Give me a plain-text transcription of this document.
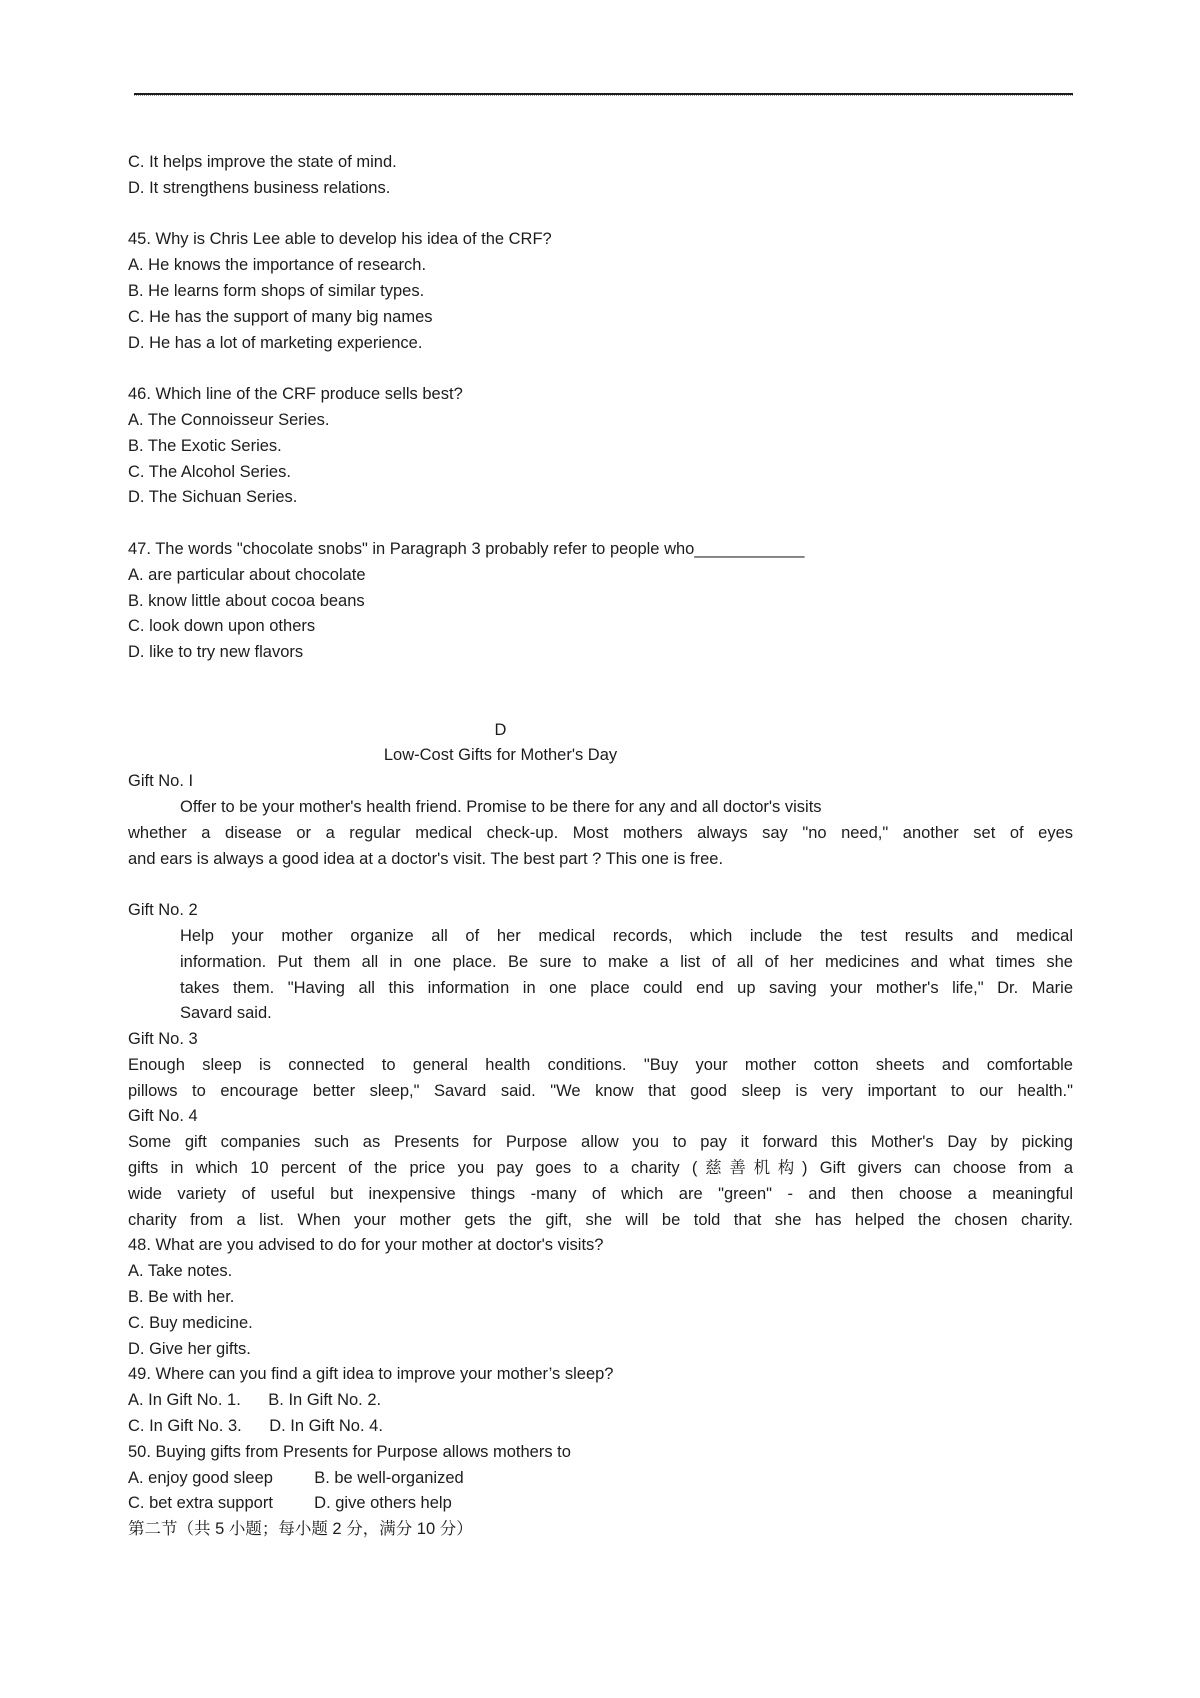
C. It helps improve the state of mind.

D. It strengthens business relations.

45. Why is Chris Lee able to develop his idea of the CRF?

A. He knows the importance of research.

B. He learns form shops of similar types.

C. He has the support of many big names

D. He has a lot of marketing experience.

46. Which line of the CRF produce sells best?

A. The Connoisseur Series.

B. The Exotic Series.

C. The Alcohol Series.

D. The Sichuan Series.

47. The words "chocolate snobs" in Paragraph 3 probably refer to people who____________

A. are particular about chocolate

B. know little about cocoa beans

C. look down upon others

D. like to try new flavors

D

Low-Cost Gifts for Mother's Day

Gift No. I

Offer to be your mother's health friend. Promise to be there for any and all doctor's visits

whether a disease or a regular medical check-up. Most mothers always say "no need," another set of eyes

and ears is always a good idea at a doctor's visit. The best part ? This one is free.

Gift No. 2

Help your mother organize all of her medical records, which include the test results and medical

information. Put them all in one place. Be sure to make a list of all of her medicines and what times she

takes them. "Having all this information in one place could end up saving your mother's life," Dr. Marie

Savard said.

Gift No. 3

Enough sleep is connected to general health conditions. "Buy your mother cotton sheets and comfortable

pillows to encourage better sleep," Savard said. "We know that good sleep is very important to our health."

Gift No. 4

Some gift companies such as Presents for Purpose allow you to pay it forward this Mother's Day by picking

gifts in which 10 percent of the price you pay goes to a charity (慈善机构) Gift givers can choose from a

wide variety of useful but inexpensive things -many of which are "green" - and then choose a meaningful

charity from a list. When your mother gets the gift, she will be told that she has helped the chosen charity.

48. What are you advised to do for your mother at doctor's visits?

A. Take notes.

B. Be with her.

C. Buy medicine.

D. Give her gifts.

49. Where can you find a gift idea to improve your mother’s sleep?

A. In Gift No. 1.      B. In Gift No. 2.

C. In Gift No. 3.      D. In Gift No. 4.

50. Buying gifts from Presents for Purpose allows mothers to

A. enjoy good sleep         B. be well-organized

C. bet extra support         D. give others help

第二节（共 5 小题；每小题 2 分，满分 10 分）
